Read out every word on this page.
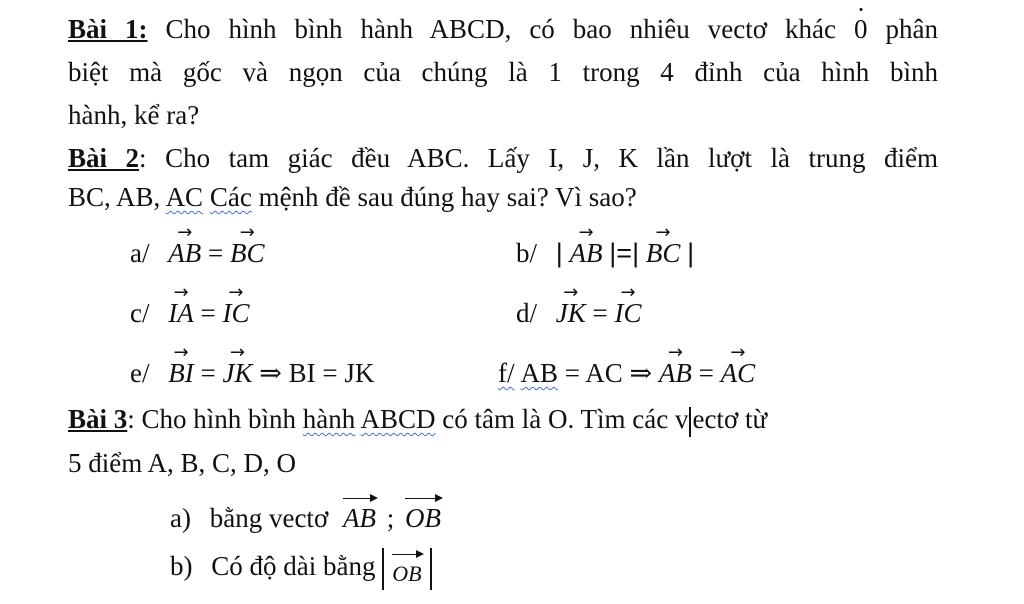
Bài 1: Cho hình bình hành ABCD, có bao nhiêu vectơ khác 0 phân
biệt mà gốc và ngọn của chúng là 1 trong 4 đỉnh của hình bình
hành, kể ra?
Bài 2: Cho tam giác đều ABC. Lấy I, J, K lần lượt là trung điểm
BC, AB, AC Các mệnh đề sau đúng hay sai? Vì sao?
a/ → AB = → BC	b/ | → AB |=| → BC |
c/ → IA = → IC	d/ → JK = → IC
e/ → BI = → JK ⇒ BI = JK	f/ AB = AC ⇒ → AB = → AC
Bài 3: Cho hình bình hành ABCD có tâm là O. Tìm các v ectơ từ
5 điểm A, B, C, D, O
a) bằng vectơ AB ; OB
b) Có độ dài bằng OB
